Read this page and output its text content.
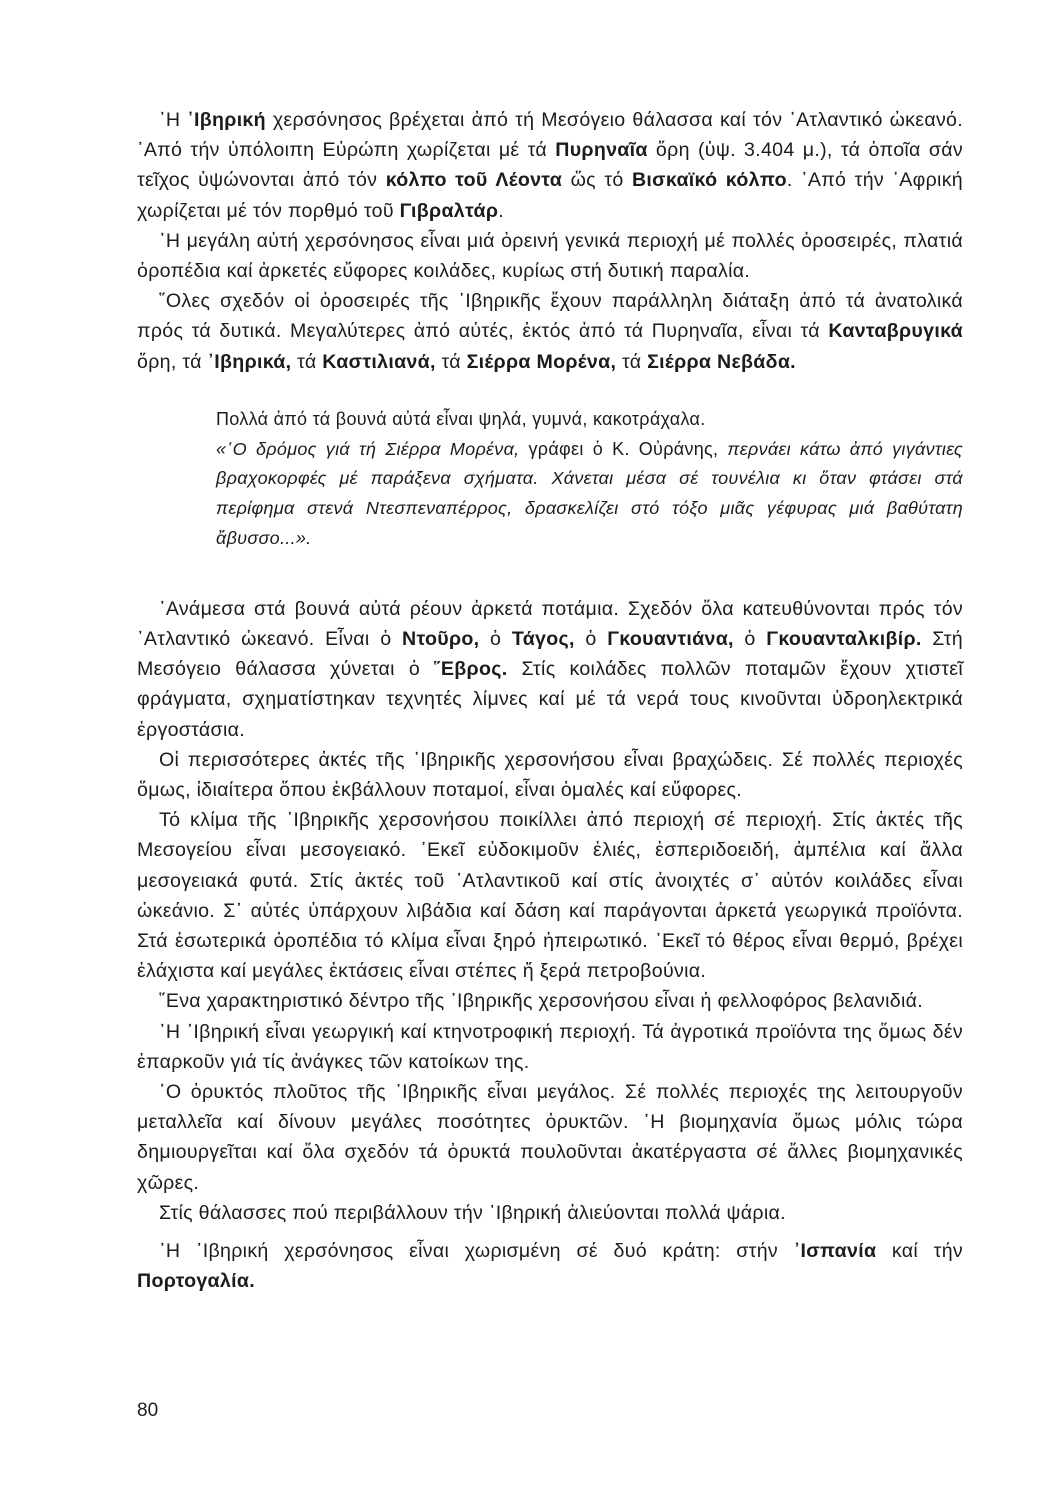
᾿Η ᾿Ιβηρική χερσόνησος βρέχεται ἀπό τή Μεσόγειο θάλασσα καί τόν ᾿Ατλαντικό ὠκεανό. ᾿Από τήν ὑπόλοιπη Εὐρώπη χωρίζεται μέ τά Πυρηναῖα ὄρη (ὑψ. 3.404 μ.), τά ὁποῖα σάν τεῖχος ὑψώνονται ἀπό τόν κόλπο τοῦ Λέοντα ὥς τό Βισκαϊκό κόλπο. ᾿Από τήν ᾿Αφρική χωρίζεται μέ τόν πορθμό τοῦ Γιβραλτάρ.

᾿Η μεγάλη αὐτή χερσόνησος εἶναι μιά ὀρεινή γενικά περιοχή μέ πολλές ὀροσειρές, πλατιά ὀροπέδια καί ἀρκετές εὔφορες κοιλάδες, κυρίως στή δυτική παραλία.

῞Ολες σχεδόν οἱ ὀροσειρές τῆς ᾿Ιβηρικῆς ἔχουν παράλληλη διάταξη ἀπό τά ἀνατολικά πρός τά δυτικά. Μεγαλύτερες ἀπό αὐτές, ἐκτός ἀπό τά Πυρηναῖα, εἶναι τά Κανταβρυγικά ὄρη, τά ᾿Ιβηρικά, τά Καστιλιανά, τά Σιέρρα Μορένα, τά Σιέρρα Νεβάδα.

Πολλά ἀπό τά βουνά αὐτά εἶναι ψηλά, γυμνά, κακοτράχαλα.

«῾Ο δρόμος γιά τή Σιέρρα Μορένα, γράφει ὁ Κ. Οὐράνης, περνάει κάτω ἀπό γιγάντιες βραχοκορφές μέ παράξενα σχήματα. Χάνεται μέσα σέ τουνέλια κι ὅταν φτάσει στά περίφημα στενά Ντεσπεναπέρρος, δρασκελίζει στό τόξο μιᾶς γέφυρας μιά βαθύτατη ἄβυσσο...».

᾿Ανάμεσα στά βουνά αὐτά ρέουν ἀρκετά ποτάμια. Σχεδόν ὅλα κατευθύνονται πρός τόν ᾿Ατλαντικό ὠκεανό. Εἶναι ὁ Ντοῦρο, ὁ Τάγος, ὁ Γκουαντιάνα, ὁ Γκουανταλκιβίρ. Στή Μεσόγειο θάλασσα χύνεται ὁ ῞Εβρος. Στίς κοιλάδες πολλῶν ποταμῶν ἔχουν χτιστεῖ φράγματα, σχηματίστηκαν τεχνητές λίμνες καί μέ τά νερά τους κινοῦνται ὑδροηλεκτρικά ἐργοστάσια.

Οἱ περισσότερες ἀκτές τῆς ᾿Ιβηρικῆς χερσονήσου εἶναι βραχώδεις. Σέ πολλές περιοχές ὅμως, ἰδιαίτερα ὅπου ἐκβάλλουν ποταμοί, εἶναι ὁμαλές καί εὔφορες.

Τό κλίμα τῆς ᾿Ιβηρικῆς χερσονήσου ποικίλλει ἀπό περιοχή σέ περιοχή. Στίς ἀκτές τῆς Μεσογείου εἶναι μεσογειακό. ᾿Εκεῖ εὐδοκιμοῦν ἐλιές, ἐσπεριδοειδή, ἀμπέλια καί ἄλλα μεσογειακά φυτά. Στίς ἀκτές τοῦ ᾿Ατλαντικοῦ καί στίς ἀνοιχτές σ᾿ αὐτόν κοιλάδες εἶναι ὠκεάνιο. Σ᾿ αὐτές ὑπάρχουν λιβάδια καί δάση καί παράγονται ἀρκετά γεωργικά προϊόντα. Στά ἐσωτερικά ὀροπέδια τό κλίμα εἶναι ξηρό ἠπειρωτικό. ᾿Εκεῖ τό θέρος εἶναι θερμό, βρέχει ἐλάχιστα καί μεγάλες ἐκτάσεις εἶναι στέπες ἤ ξερά πετροβούνια.

῞Ενα χαρακτηριστικό δέντρο τῆς ᾿Ιβηρικῆς χερσονήσου εἶναι ἡ φελλοφόρος βελανιδιά.

᾿Η ᾿Ιβηρική εἶναι γεωργική καί κτηνοτροφική περιοχή. Τά ἀγροτικά προϊόντα της ὅμως δέν ἐπαρκοῦν γιά τίς ἀνάγκες τῶν κατοίκων της.

῾Ο ὀρυκτός πλοῦτος τῆς ᾿Ιβηρικῆς εἶναι μεγάλος. Σέ πολλές περιοχές της λειτουργοῦν μεταλλεῖα καί δίνουν μεγάλες ποσότητες ὀρυκτῶν. ῾Η βιομηχανία ὅμως μόλις τώρα δημιουργεῖται καί ὅλα σχεδόν τά ὀρυκτά πουλοῦνται ἀκατέργαστα σέ ἄλλες βιομηχανικές χῶρες.

Στίς θάλασσες πού περιβάλλουν τήν ᾿Ιβηρική ἁλιεύονται πολλά ψάρια.

᾿Η ᾿Ιβηρική χερσόνησος εἶναι χωρισμένη σέ δυό κράτη: στήν ᾿Ισπανία καί τήν Πορτογαλία.

80
